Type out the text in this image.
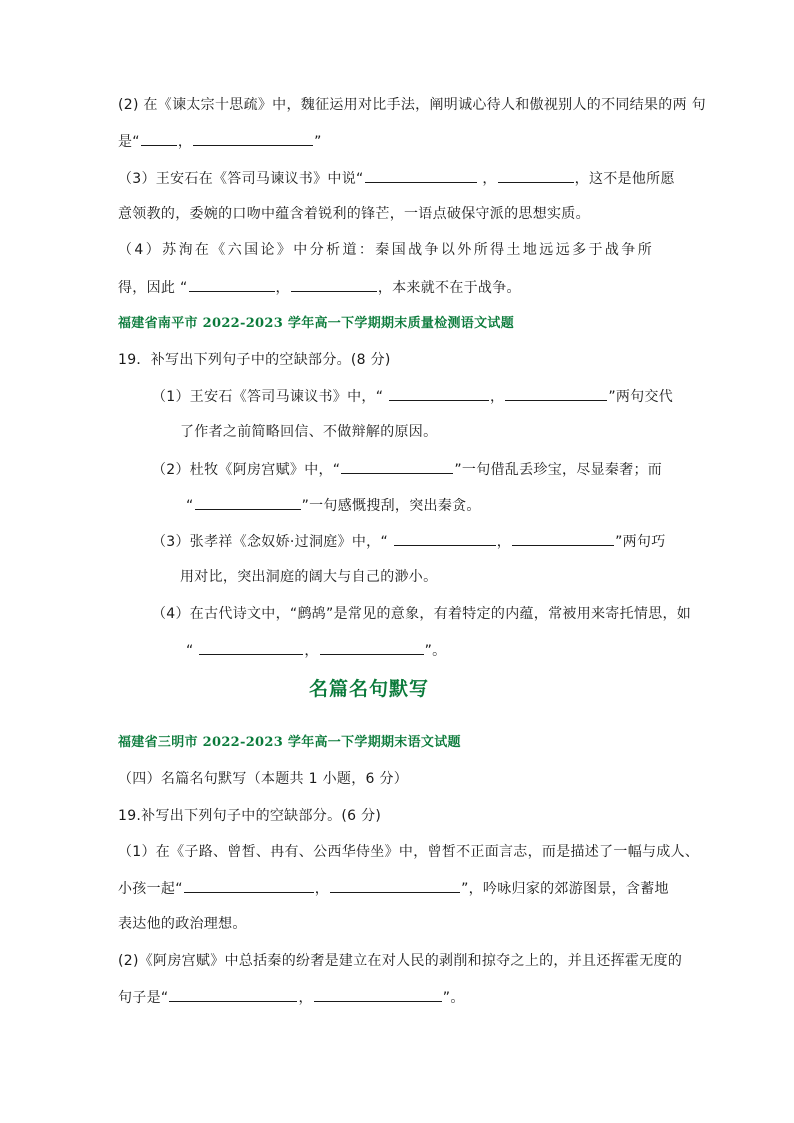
(2) 在《谏太宗十思疏》中，魏征运用对比手法，阐明诚心待人和傲视别人的不同结果的两 句
是“	，	”
（3）王安石在《答司马谏议书》中说“	，	，这不是他所愿
意领教的，委婉的口吻中蕴含着锐利的锋芒，一语点破保守派的思想实质。
（4）苏洵在《六国论》中分析道：秦国战争以外所得土地远远多于战争所
得，因此 “	，	，本来就不在于战争。
福建省南平市 2022-2023 学年高一下学期期末质量检测语文试题
19．补写出下列句子中的空缺部分。(8 分)
（1）王安石《答司马谏议书》中，“	，	”两句交代
了作者之前简略回信、不做辩解的原因。
（2）杜牧《阿房宫赋》中，“	”一句借乱丢珍宝，尽显秦奢；而
“	”一句感慨搜刮，突出秦贪。
（3）张孝祥《念奴娇·过洞庭》中，“	，	”两句巧
用对比，突出洞庭的阔大与自己的渺小。
（4）在古代诗文中，“鹧鸪”是常见的意象，有着特定的内蕴，常被用来寄托情思，如
“	，	”。
名篇名句默写
福建省三明市 2022-2023 学年高一下学期期末语文试题
（四）名篇名句默写（本题共 1 小题，6 分）
19.补写出下列句子中的空缺部分。(6 分)
（1）在《子路、曾皙、冉有、公西华侍坐》中，曾皙不正面言志，而是描述了一幅与成人、
小孩一起“	，	”，吟咏归家的郊游图景，含蓄地
表达他的政治理想。
(2)《阿房宫赋》中总括秦的纷奢是建立在对人民的剥削和掠夺之上的，并且还挥霍无度的
句子是“	，	”。
